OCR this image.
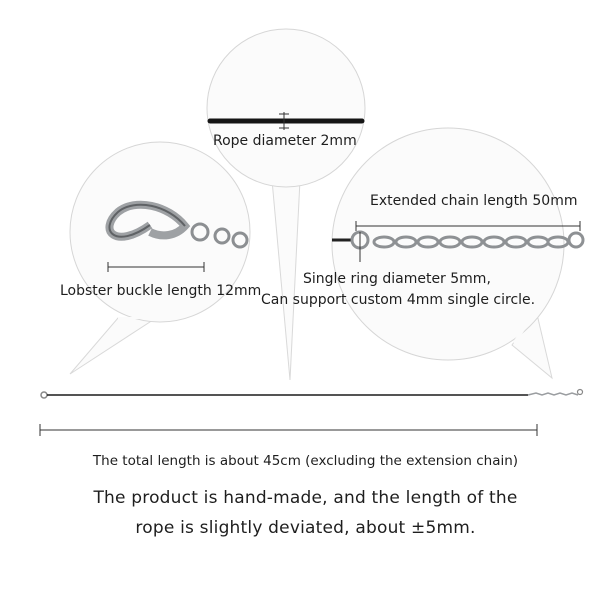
Rope diameter 2mm
Extended chain length 50mm
Single ring diameter 5mm,
Can support custom 4mm single circle.
Lobster buckle length 12mm
The total length is about 45cm (excluding the extension chain)
The product is hand-made, and the length of the
rope is slightly deviated, about ±5mm.
